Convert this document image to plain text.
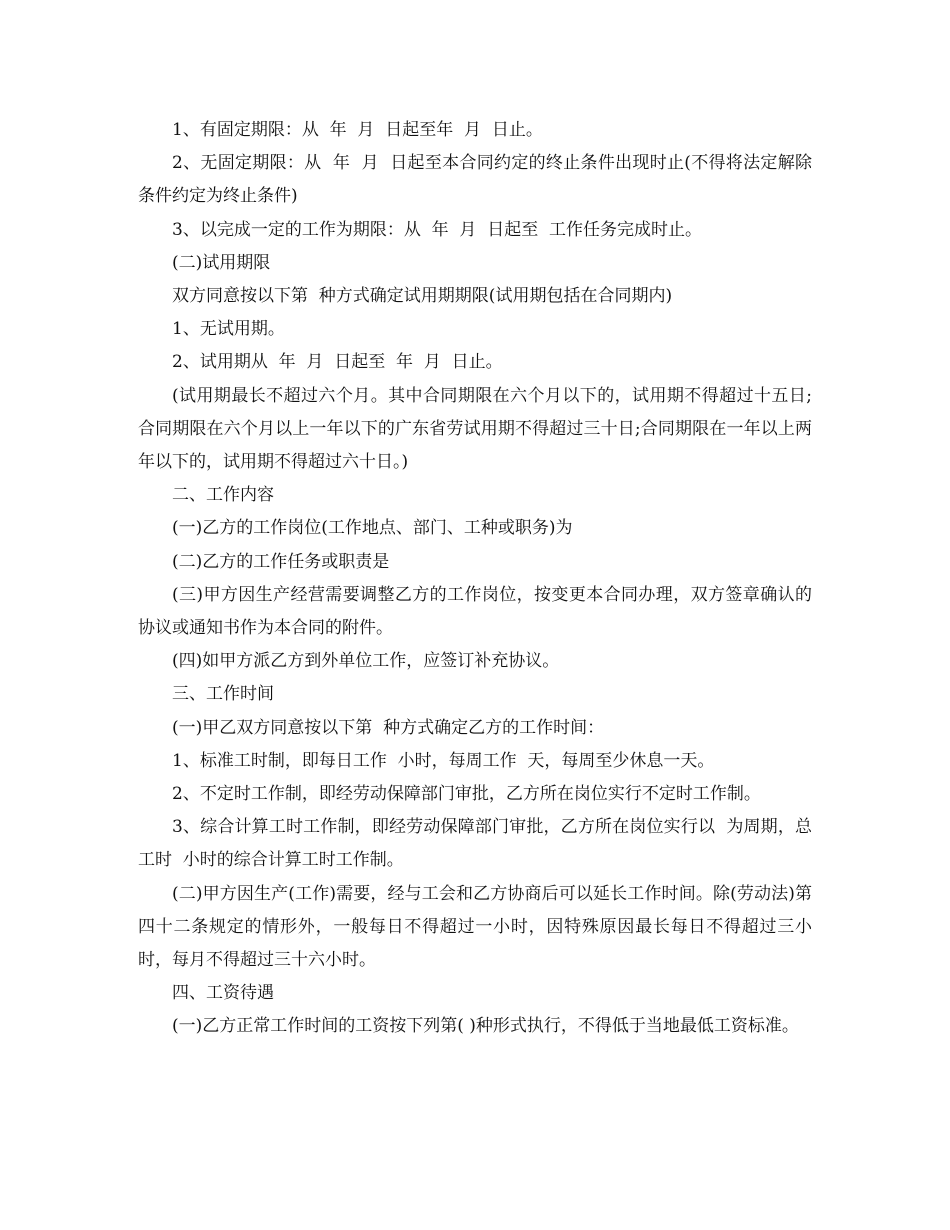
1、有固定期限：从  年  月  日起至年  月  日止。

2、无固定期限：从  年  月  日起至本合同约定的终止条件出现时止(不得将法定解除条件约定为终止条件)

3、以完成一定的工作为期限：从  年  月  日起至  工作任务完成时止。

(二)试用期限

双方同意按以下第  种方式确定试用期期限(试用期包括在合同期内)

1、无试用期。

2、试用期从  年  月  日起至  年  月  日止。

(试用期最长不超过六个月。其中合同期限在六个月以下的，试用期不得超过十五日;合同期限在六个月以上一年以下的广东省劳试用期不得超过三十日;合同期限在一年以上两年以下的，试用期不得超过六十日。)

二、工作内容

(一)乙方的工作岗位(工作地点、部门、工种或职务)为

(二)乙方的工作任务或职责是

(三)甲方因生产经营需要调整乙方的工作岗位，按变更本合同办理，双方签章确认的协议或通知书作为本合同的附件。

(四)如甲方派乙方到外单位工作，应签订补充协议。

三、工作时间

(一)甲乙双方同意按以下第  种方式确定乙方的工作时间：

1、标准工时制，即每日工作  小时，每周工作  天，每周至少休息一天。

2、不定时工作制，即经劳动保障部门审批，乙方所在岗位实行不定时工作制。

3、综合计算工时工作制，即经劳动保障部门审批，乙方所在岗位实行以  为周期，总工时  小时的综合计算工时工作制。

(二)甲方因生产(工作)需要，经与工会和乙方协商后可以延长工作时间。除(劳动法)第四十二条规定的情形外，一般每日不得超过一小时，因特殊原因最长每日不得超过三小时，每月不得超过三十六小时。

四、工资待遇

(一)乙方正常工作时间的工资按下列第( )种形式执行，不得低于当地最低工资标准。
